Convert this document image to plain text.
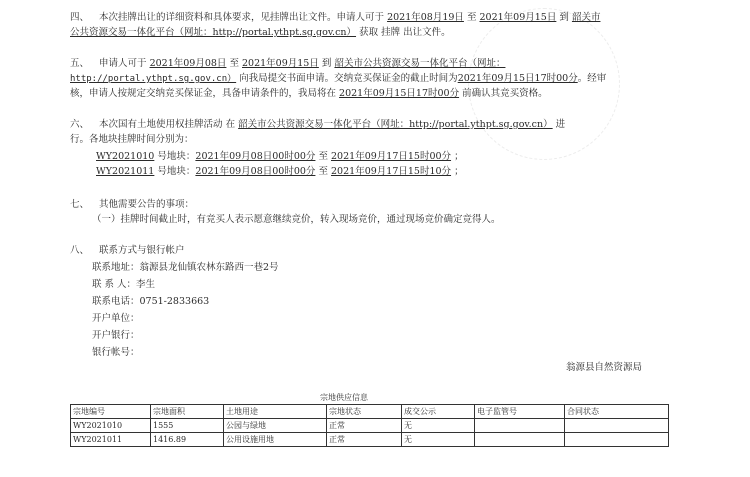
四、 本次挂牌出让的详细资料和具体要求，见挂牌出让文件。申请人可于 2021年08月19日 至 2021年09月15日 到 韶关市
公共资源交易一体化平台（网址：http://portal.ythpt.sg.gov.cn） 获取 挂牌 出让文件。
五、 申请人可于 2021年09月08日 至 2021年09月15日 到 韶关市公共资源交易一体化平台（网址：
http://portal.ythpt.sg.gov.cn） 向我局提交书面申请。交纳竞买保证金的截止时间为2021年09月15日17时00分。经审
核，申请人按规定交纳竞买保证金，具备申请条件的，我局将在 2021年09月15日17时00分 前确认其竞买资格。
六、 本次国有土地使用权挂牌活动 在 韶关市公共资源交易一体化平台（网址：http://portal.ythpt.sg.gov.cn） 进
行。各地块挂牌时间分别为：
WY2021010 号地块：2021年09月08日00时00分 至 2021年09月17日15时00分 ；
WY2021011 号地块：2021年09月08日00时00分 至 2021年09月17日15时10分 ；
七、 其他需要公告的事项：
（一）挂牌时间截止时，有竞买人表示愿意继续竞价，转入现场竞价，通过现场竞价确定竞得人。
八、 联系方式与银行帐户
联系地址：翁源县龙仙镇农林东路西一巷2号
联 系 人：李生
联系电话：0751-2833663
开户单位：
开户银行：
银行帐号：
翁源县自然资源局
宗地供应信息
宗地编号	宗地面积	土地用途	宗地状态	成交公示	电子监管号	合同状态
WY2021010	1555	公园与绿地	正常	无		
WY2021011	1416.89	公用设施用地	正常	无		
